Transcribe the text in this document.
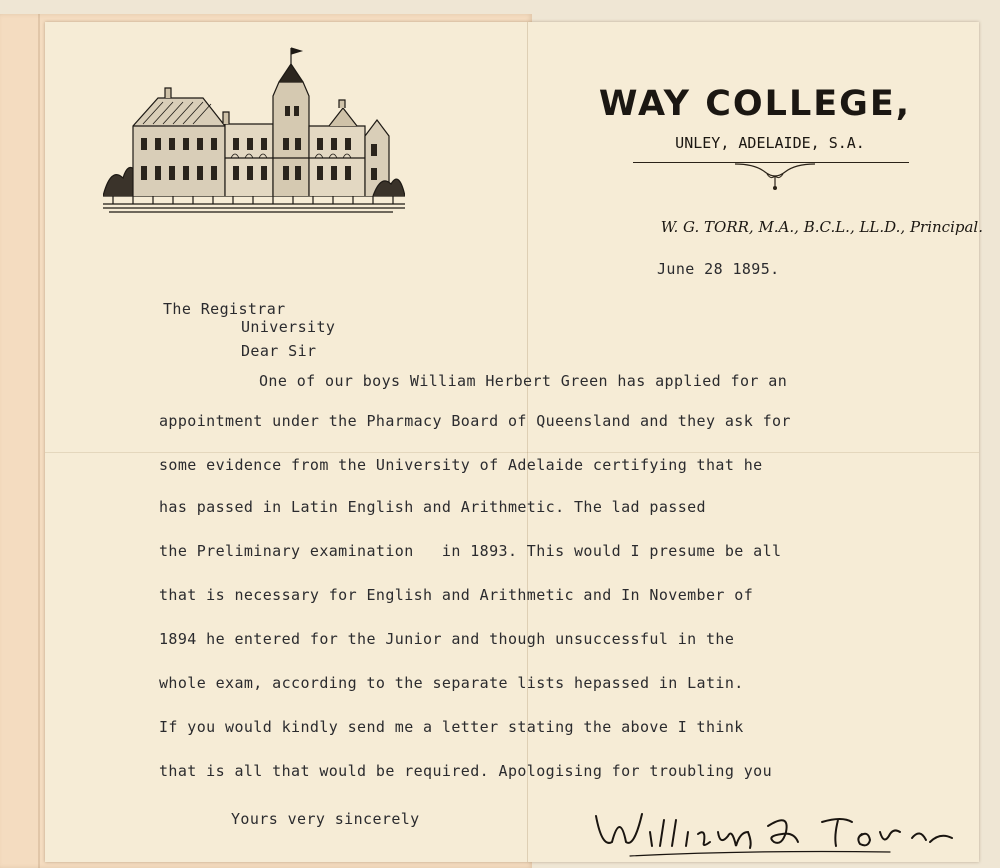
WAY COLLEGE,
UNLEY, ADELAIDE, S.A.
W. G. TORR, M.A., B.C.L., LL.D., Principal.
June 28 1895.
The Registrar
University
Dear Sir
One of our boys William Herbert Green has applied for an
appointment under the Pharmacy Board of Queensland and they ask for
some evidence from the University of Adelaide certifying that he
has passed in Latin English and Arithmetic. The lad passed
the Preliminary examination   in 1893. This would I presume be all
that is necessary for English and Arithmetic and In November of
1894 he entered for the Junior and though unsuccessful in the
whole exam, according to the separate lists hepassed in Latin.
If you would kindly send me a letter stating the above I think
that is all that would be required. Apologising for troubling you
Yours very sincerely
